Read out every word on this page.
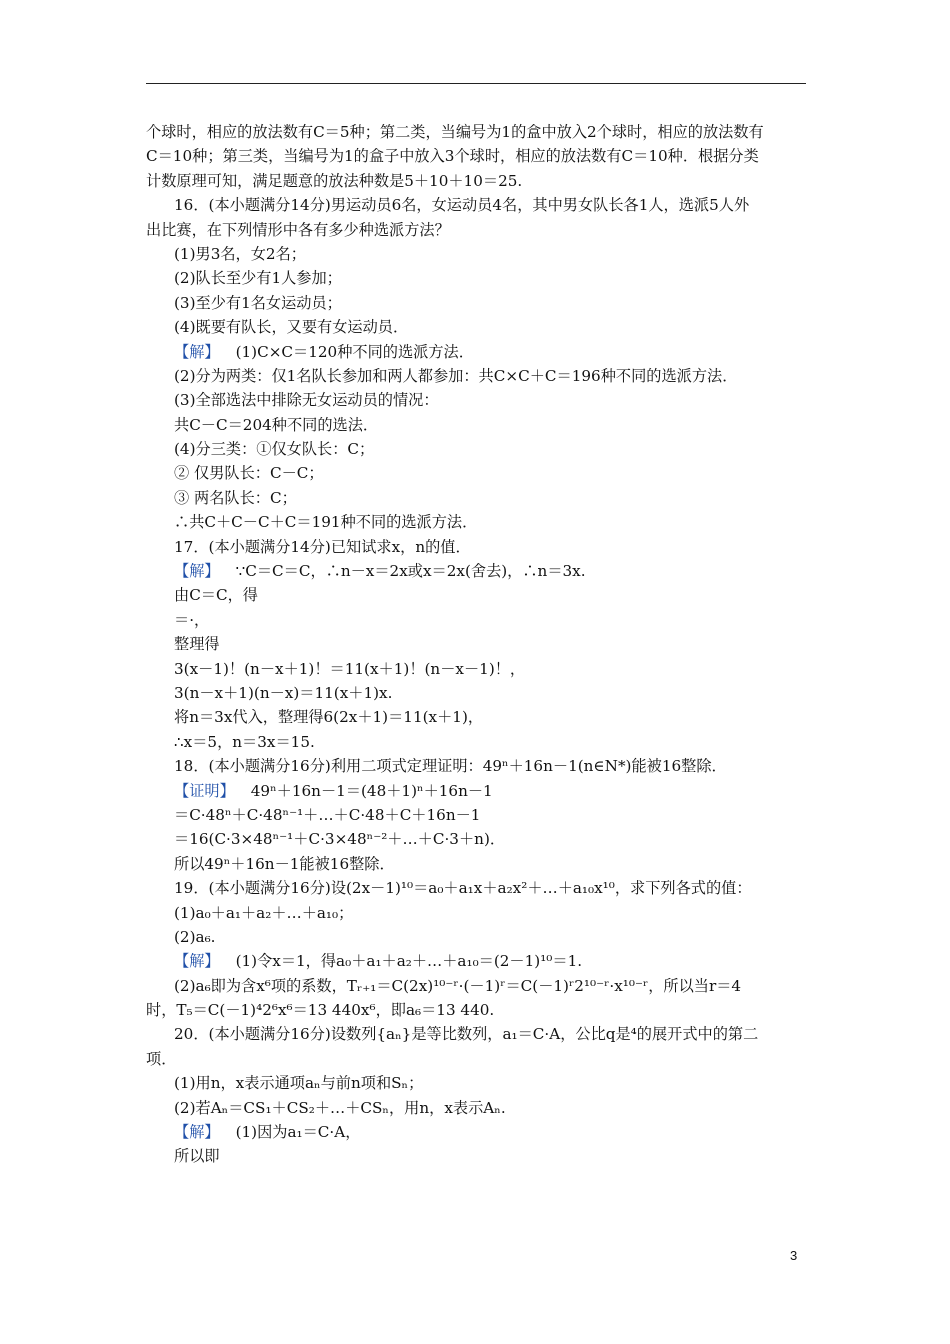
个球时，相应的放法数有C＝5种；第二类，当编号为1的盒中放入2个球时，相应的放法数有
C＝10种；第三类，当编号为1的盒子中放入3个球时，相应的放法数有C＝10种．根据分类
计数原理可知，满足题意的放法种数是5＋10＋10＝25.
16．(本小题满分14分)男运动员6名，女运动员4名，其中男女队长各1人，选派5人外
出比赛，在下列情形中各有多少种选派方法？
(1)男3名，女2名；
(2)队长至少有1人参加；
(3)至少有1名女运动员；
(4)既要有队长，又要有女运动员．
【解】 (1)C×C＝120种不同的选派方法．
(2)分为两类：仅1名队长参加和两人都参加：共C×C＋C＝196种不同的选派方法．
(3)全部选法中排除无女运动员的情况：
共C－C＝204种不同的选法．
(4)分三类：①仅女队长：C；
② 仅男队长：C－C；
③ 两名队长：C；
∴共C＋C－C＋C＝191种不同的选派方法．
17．(本小题满分14分)已知试求x，n的值．
【解】 ∵C＝C＝C，∴n－x＝2x或x＝2x(舍去)，∴n＝3x.
由C＝C，得
＝·，
整理得
3(x－1)！(n－x＋1)！＝11(x＋1)！(n－x－1)！，
3(n－x＋1)(n－x)＝11(x＋1)x.
将n＝3x代入，整理得6(2x＋1)＝11(x＋1)，
∴x＝5，n＝3x＝15.
18．(本小题满分16分)利用二项式定理证明：49ⁿ＋16n－1(n∈N*)能被16整除．
【证明】 49ⁿ＋16n－1＝(48＋1)ⁿ＋16n－1
＝C·48ⁿ＋C·48ⁿ⁻¹＋…＋C·48＋C＋16n－1
＝16(C·3×48ⁿ⁻¹＋C·3×48ⁿ⁻²＋…＋C·3＋n)．
所以49ⁿ＋16n－1能被16整除．
19．(本小题满分16分)设(2x－1)¹⁰＝a₀＋a₁x＋a₂x²＋…＋a₁₀x¹⁰，求下列各式的值：
(1)a₀＋a₁＋a₂＋…＋a₁₀；
(2)a₆.
【解】 (1)令x＝1，得a₀＋a₁＋a₂＋…＋a₁₀＝(2－1)¹⁰＝1.
(2)a₆即为含x⁶项的系数，Tᵣ₊₁＝C(2x)¹⁰⁻ʳ·(－1)ʳ＝C(－1)ʳ2¹⁰⁻ʳ·x¹⁰⁻ʳ，所以当r＝4
时，T₅＝C(－1)⁴2⁶x⁶＝13 440x⁶，即a₆＝13 440.
20．(本小题满分16分)设数列{aₙ}是等比数列，a₁＝C·A，公比q是⁴的展开式中的第二
项．
(1)用n，x表示通项aₙ与前n项和Sₙ；
(2)若Aₙ＝CS₁＋CS₂＋…＋CSₙ，用n，x表示Aₙ.
【解】 (1)因为a₁＝C·A，
所以即
3
